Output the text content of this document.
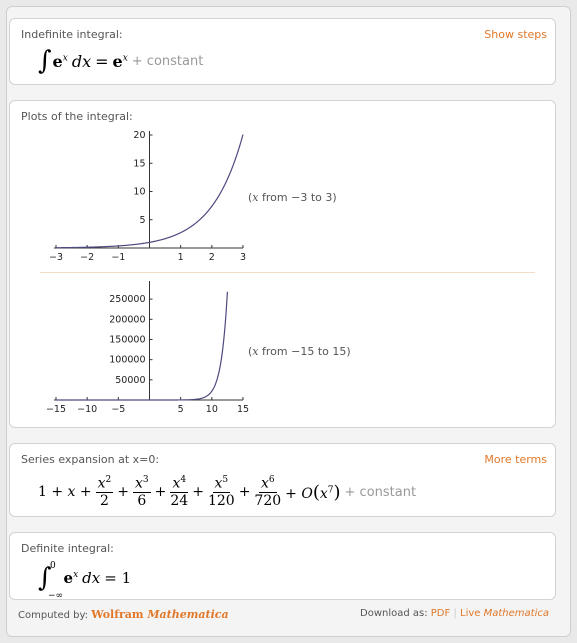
Indefinite integral:	Show steps
∫ $e^x$ dx = $e^x$ + constant
Plots of the integral:
−3 −2 −1	1	2	3
5
10
15
20
(x from −3 to 3)
−15 −10 −5	5 10 15
50000
100000
150000
200000
250000
(x from −15 to 15)
Series expansion at x=0:	More terms
$1 + x + \frac{x^2}{2} + \frac{x^3}{6} + \frac{x^4}{24} + \frac{x^5}{120} + \frac{x^6}{720} + O(x^7)$ + constant
Definite integral:
∫
0
−∞
$e^x$ dx = 1
Computed by: Wolfram Mathematica	Download as: PDF | Live Mathematica
